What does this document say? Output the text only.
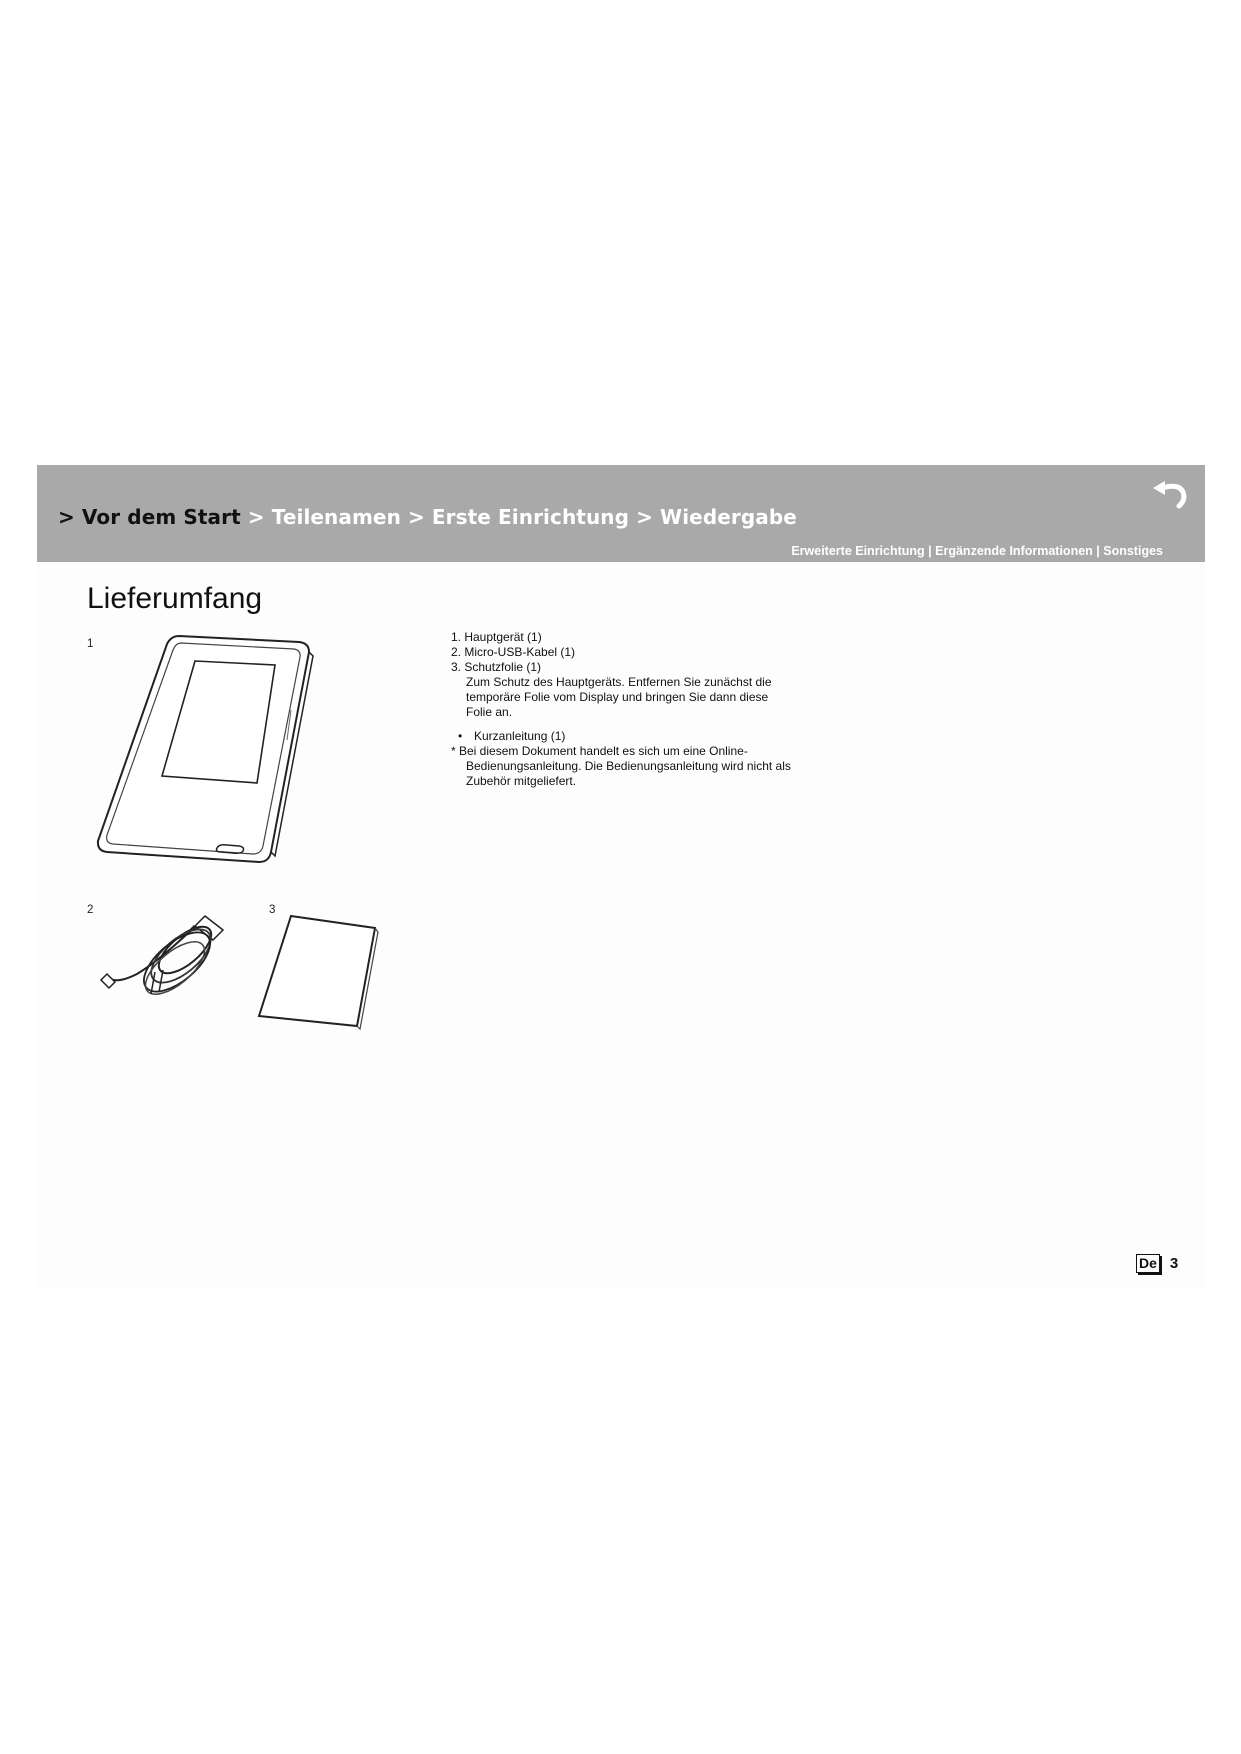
> Vor dem Start > Teilenamen > Erste Einrichtung > Wiedergabe
Erweiterte Einrichtung | Ergänzende Informationen | Sonstiges
Lieferumfang
1
2	3

1. Hauptgerät (1)

2. Micro-USB-Kabel (1)

3. Schutzfolie (1)

Zum Schutz des Hauptgeräts. Entfernen Sie zunächst die temporäre Folie vom Display und bringen Sie dann diese Folie an.

• Kurzanleitung (1)

* Bei diesem Dokument handelt es sich um eine Online-Bedienungsanleitung. Die Bedienungsanleitung wird nicht als Zubehör mitgeliefert.

De 3
